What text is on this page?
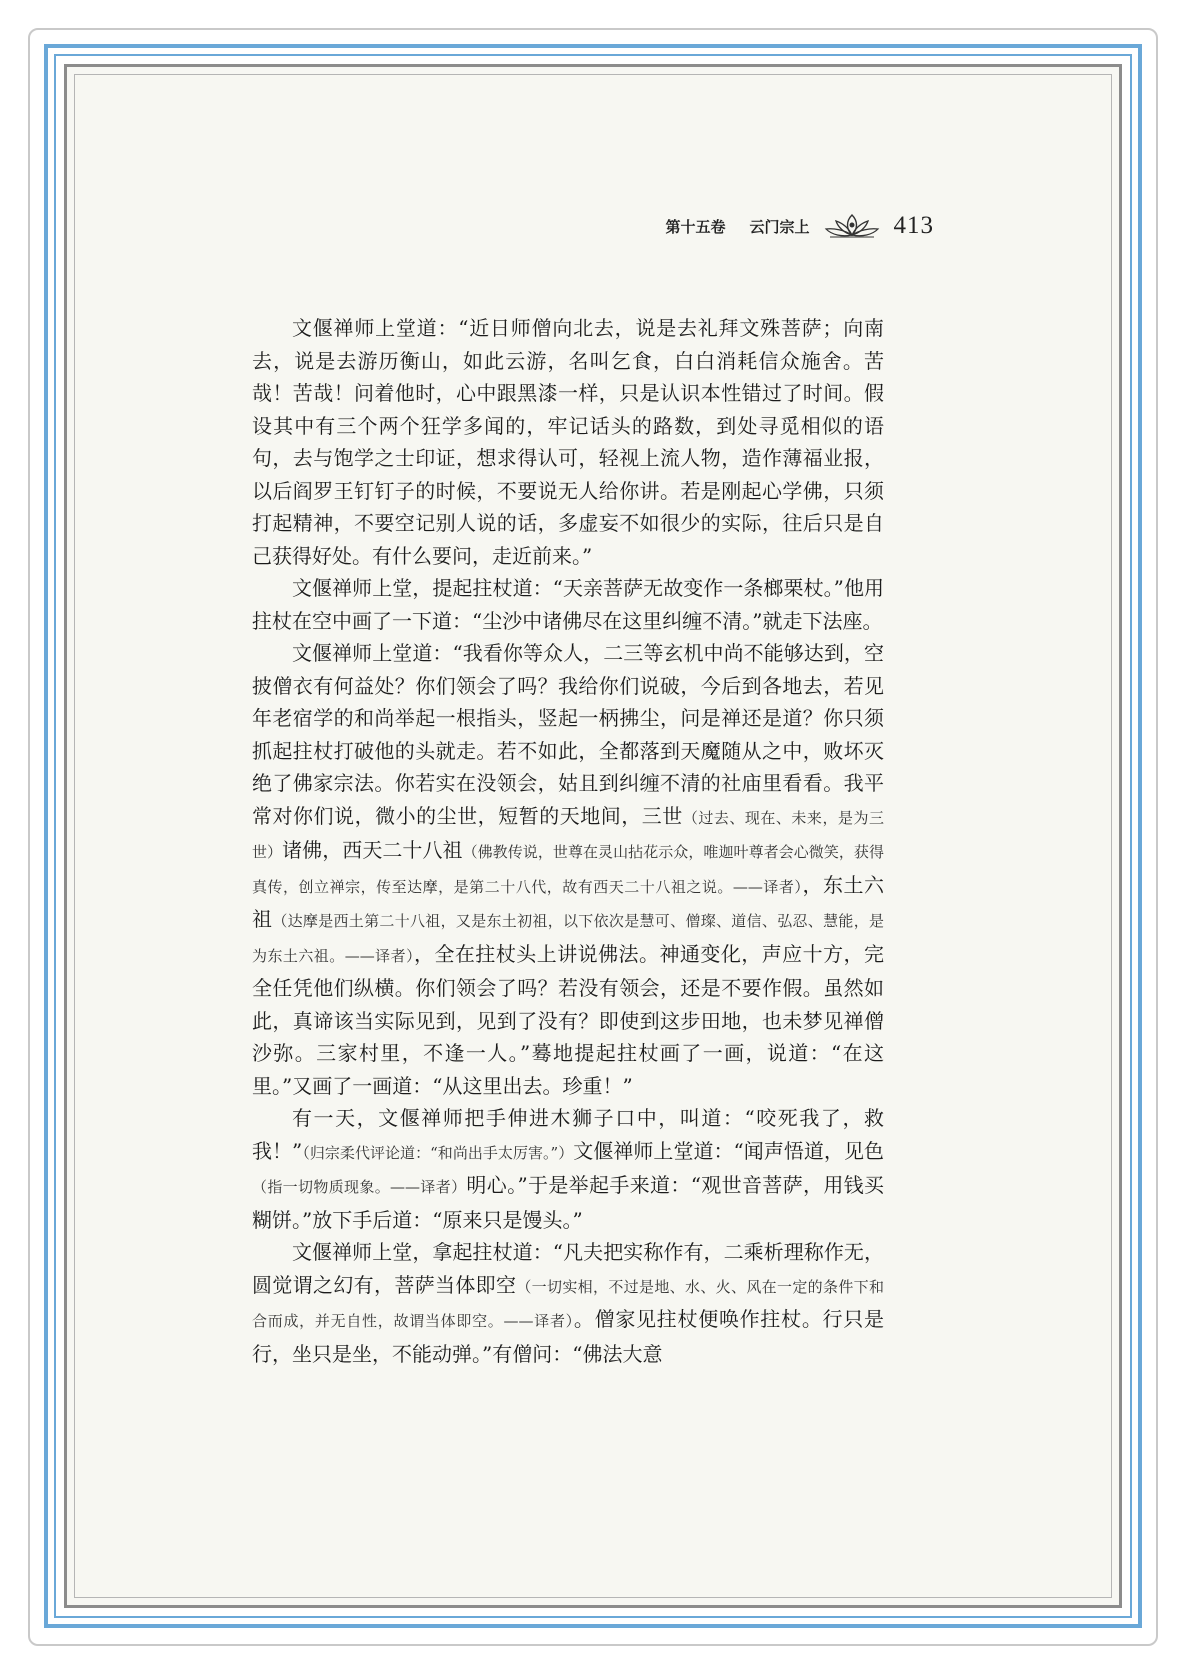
第十五卷 云门宗上	413

文偃禅师上堂道：“近日师僧向北去，说是去礼拜文殊菩萨；向南去，说是去游历衡山，如此云游，名叫乞食，白白消耗信众施舍。苦哉！苦哉！问着他时，心中跟黑漆一样，只是认识本性错过了时间。假设其中有三个两个狂学多闻的，牢记话头的路数，到处寻觅相似的语句，去与饱学之士印证，想求得认可，轻视上流人物，造作薄福业报，以后阎罗王钉钉子的时候，不要说无人给你讲。若是刚起心学佛，只须打起精神，不要空记别人说的话，多虚妄不如很少的实际，往后只是自己获得好处。有什么要问，走近前来。”

文偃禅师上堂，提起拄杖道：“天亲菩萨无故变作一条榔栗杖。”他用拄杖在空中画了一下道：“尘沙中诸佛尽在这里纠缠不清。”就走下法座。

文偃禅师上堂道：“我看你等众人，二三等玄机中尚不能够达到，空披僧衣有何益处？你们领会了吗？我给你们说破，今后到各地去，若见年老宿学的和尚举起一根指头，竖起一柄拂尘，问是禅还是道？你只须抓起拄杖打破他的头就走。若不如此，全都落到天魔随从之中，败坏灭绝了佛家宗法。你若实在没领会，姑且到纠缠不清的社庙里看看。我平常对你们说，微小的尘世，短暂的天地间，三世（过去、现在、未来，是为三世）诸佛，西天二十八祖（佛教传说，世尊在灵山拈花示众，唯迦叶尊者会心微笑，获得真传，创立禅宗，传至达摩，是第二十八代，故有西天二十八祖之说。——译者），东土六祖（达摩是西土第二十八祖，又是东土初祖，以下依次是慧可、僧璨、道信、弘忍、慧能，是为东土六祖。——译者），全在拄杖头上讲说佛法。神通变化，声应十方，完全任凭他们纵横。你们领会了吗？若没有领会，还是不要作假。虽然如此，真谛该当实际见到，见到了没有？即使到这步田地，也未梦见禅僧沙弥。三家村里，不逢一人。”蓦地提起拄杖画了一画，说道：“在这里。”又画了一画道：“从这里出去。珍重！”

有一天，文偃禅师把手伸进木狮子口中，叫道：“咬死我了，救我！”（归宗柔代评论道：“和尚出手太厉害。”）文偃禅师上堂道：“闻声悟道，见色（指一切物质现象。——译者）明心。”于是举起手来道：“观世音菩萨，用钱买糊饼。”放下手后道：“原来只是馒头。”

文偃禅师上堂，拿起拄杖道：“凡夫把实称作有，二乘析理称作无，圆觉谓之幻有，菩萨当体即空（一切实相，不过是地、水、火、风在一定的条件下和合而成，并无自性，故谓当体即空。——译者）。僧家见拄杖便唤作拄杖。行只是行，坐只是坐，不能动弹。”有僧问：“佛法大意
